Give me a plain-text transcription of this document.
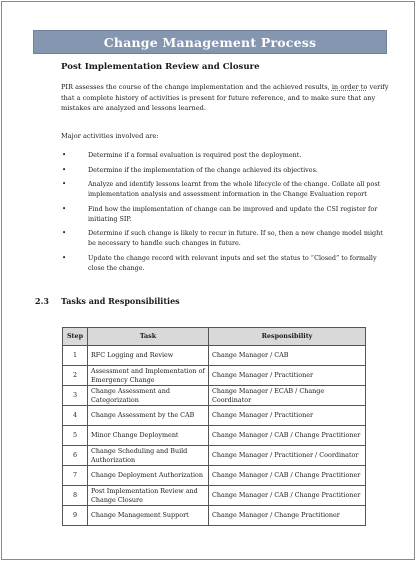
Change Management Process
Post Implementation Review and Closure

PIR assesses the course of the change implementation and the achieved results, in order to verify that a complete history of activities is present for future reference, and to make sure that any mistakes are analyzed and lessons learned.

Major activities involved are:
•	Determine if a formal evaluation is required post the deployment.
•	Determine if the implementation of the change achieved its objectives.
•	Analyze and identify lessons learnt from the whole lifecycle of the change. Collate all post implementation analysis and assessment information in the Change Evaluation report
•	Find how the implementation of change can be improved and update the CSI register for initiating SIP.
•	Determine if such change is likely to recur in future. If so, then a new change model might be necessary to handle such changes in future.
•	Update the change record with relevant inputs and set the status to “Closed” to formally close the change.
2.3 Tasks and Responsibilities
Step	Task	Responsibility
1	RFC Logging and Review	Change Manager / CAB
2	Assessment and Implementation of Emergency Change	Change Manager / Practitioner
3	Change Assessment and Categorization	Change Manager / ECAB / Change Coordinator
4	Change Assessment by the CAB	Change Manager / Practitioner
5	Minor Change Deployment	Change Manager / CAB / Change Practitioner
6	Change Scheduling and Build Authorization	Change Manager / Practitioner / Coordinator
7	Change Deployment Authorization	Change Manager / CAB / Change Practitioner
8	Post Implementation Review and Change Closure	Change Manager / CAB / Change Practitioner
9	Change Management Support	Change Manager / Change Practitioner
